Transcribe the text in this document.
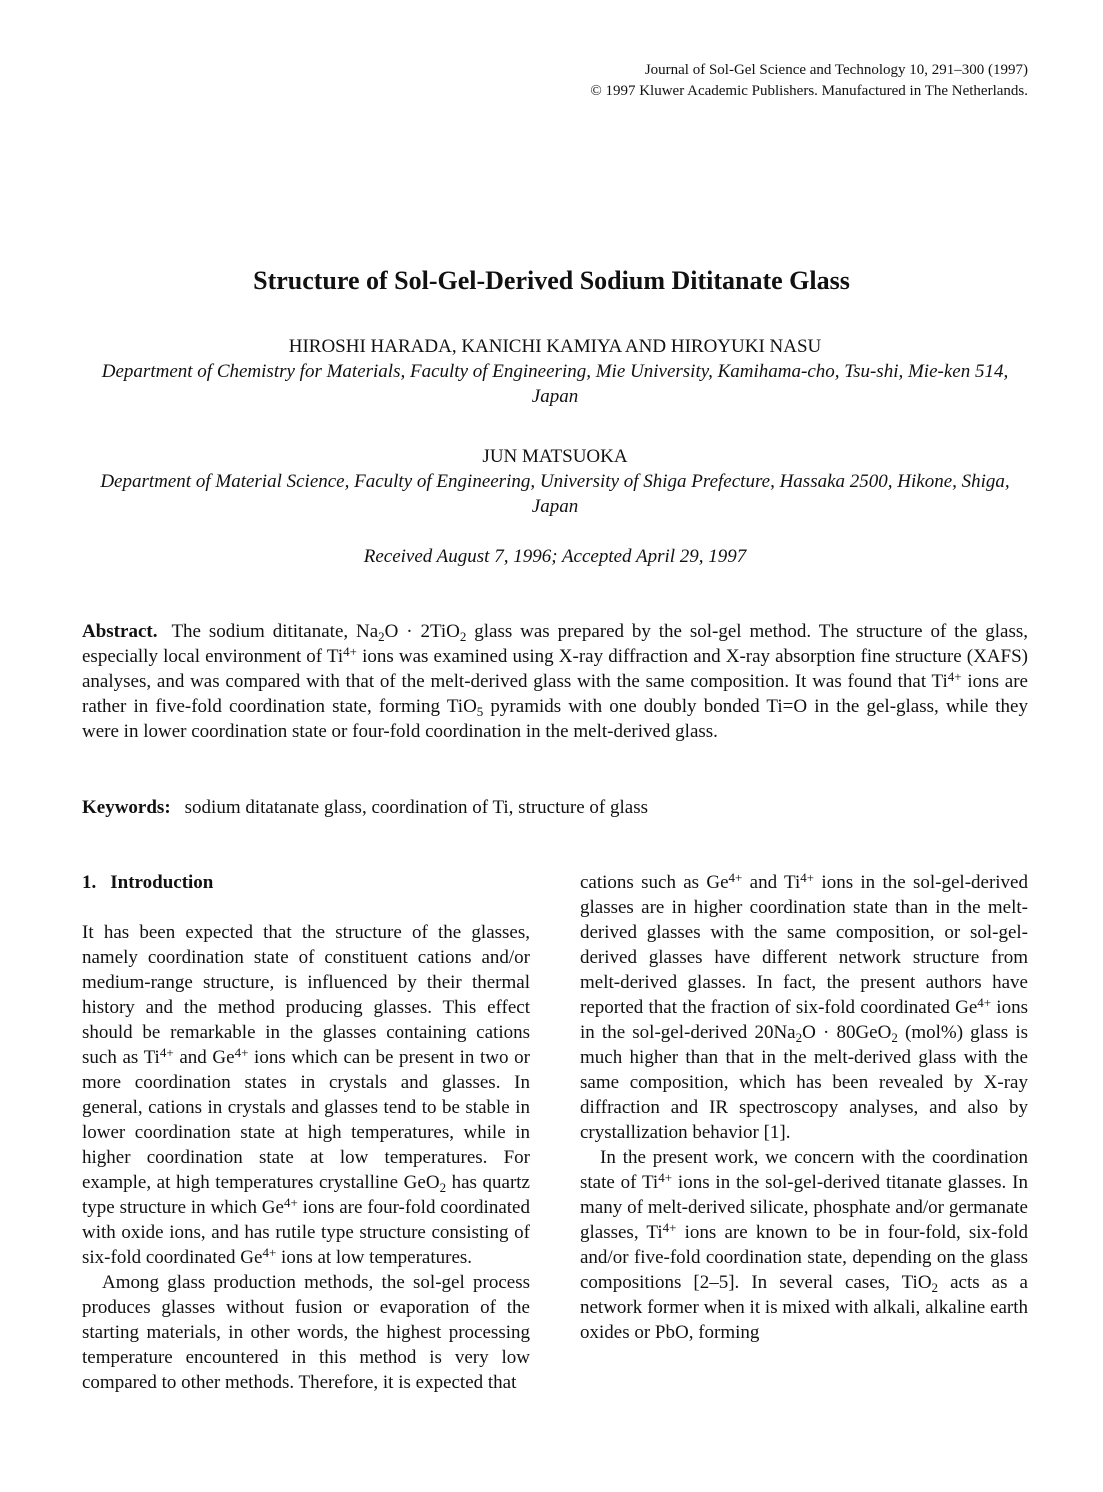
Journal of Sol-Gel Science and Technology 10, 291–300 (1997)
© 1997 Kluwer Academic Publishers. Manufactured in The Netherlands.
Structure of Sol-Gel-Derived Sodium Dititanate Glass
HIROSHI HARADA, KANICHI KAMIYA AND HIROYUKI NASU
Department of Chemistry for Materials, Faculty of Engineering, Mie University, Kamihama-cho, Tsu-shi, Mie-ken 514, Japan
JUN MATSUOKA
Department of Material Science, Faculty of Engineering, University of Shiga Prefecture, Hassaka 2500, Hikone, Shiga, Japan
Received August 7, 1996; Accepted April 29, 1997
Abstract. The sodium dititanate, $Na_2O \cdot 2TiO_2$ glass was prepared by the sol-gel method. The structure of the glass, especially local environment of $Ti^{4+}$ ions was examined using X-ray diffraction and X-ray absorption fine structure (XAFS) analyses, and was compared with that of the melt-derived glass with the same composition. It was found that $Ti^{4+}$ ions are rather in five-fold coordination state, forming TiO$_5$ pyramids with one doubly bonded Ti=O in the gel-glass, while they were in lower coordination state or four-fold coordination in the melt-derived glass.
Keywords: sodium ditatanate glass, coordination of Ti, structure of glass
1. Introduction

It has been expected that the structure of the glasses, namely coordination state of constituent cations and/or medium-range structure, is influenced by their thermal history and the method producing glasses. This effect should be remarkable in the glasses containing cations such as $Ti^{4+}$ and $Ge^{4+}$ ions which can be present in two or more coordination states in crystals and glasses. In general, cations in crystals and glasses tend to be stable in lower coordination state at high temperatures, while in higher coordination state at low temperatures. For example, at high temperatures crystalline GeO$_2$ has quartz type structure in which $Ge^{4+}$ ions are four-fold coordinated with oxide ions, and has rutile type structure consisting of six-fold coordinated $Ge^{4+}$ ions at low temperatures.

Among glass production methods, the sol-gel process produces glasses without fusion or evaporation of the starting materials, in other words, the highest processing temperature encountered in this method is very low compared to other methods. Therefore, it is expected that

cations such as $Ge^{4+}$ and $Ti^{4+}$ ions in the sol-gel-derived glasses are in higher coordination state than in the melt-derived glasses with the same composition, or sol-gel-derived glasses have different network structure from melt-derived glasses. In fact, the present authors have reported that the fraction of six-fold coordinated $Ge^{4+}$ ions in the sol-gel-derived $20Na_2O \cdot 80GeO_2$ (mol%) glass is much higher than that in the melt-derived glass with the same composition, which has been revealed by X-ray diffraction and IR spectroscopy analyses, and also by crystallization behavior [1].

In the present work, we concern with the coordination state of $Ti^{4+}$ ions in the sol-gel-derived titanate glasses. In many of melt-derived silicate, phosphate and/or germanate glasses, $Ti^{4+}$ ions are known to be in four-fold, six-fold and/or five-fold coordination state, depending on the glass compositions [2–5]. In several cases, TiO$_2$ acts as a network former when it is mixed with alkali, alkaline earth oxides or PbO, forming
